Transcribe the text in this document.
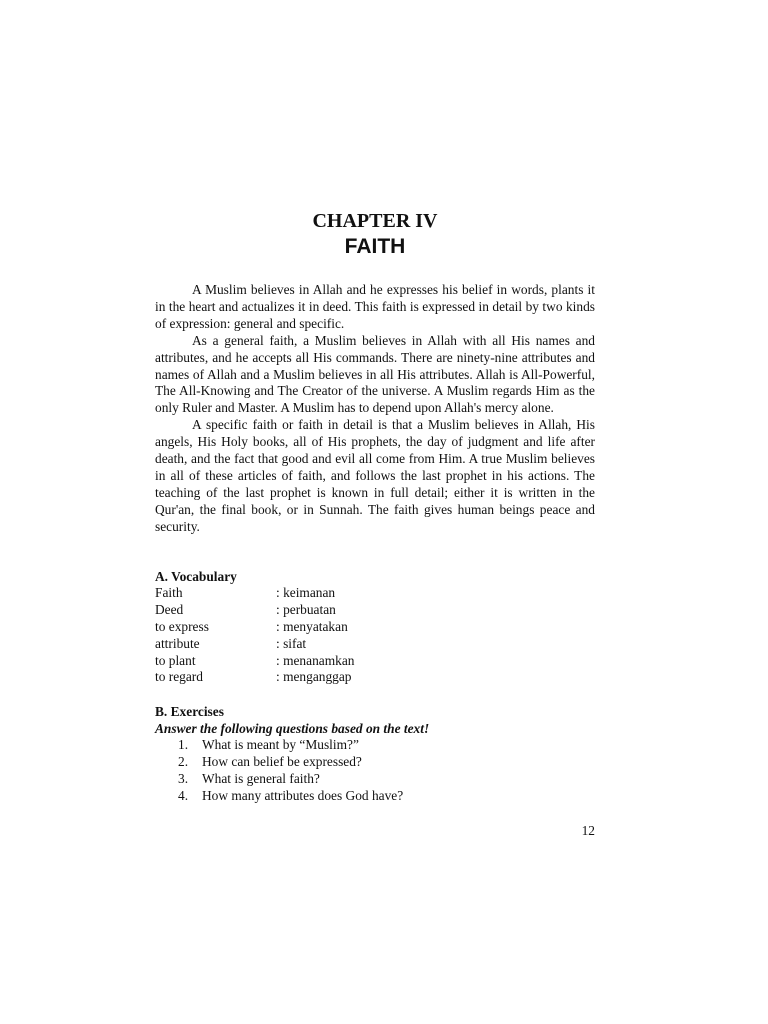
CHAPTER IV
FAITH

A Muslim believes in Allah and he expresses his belief in words, plants it in the heart and actualizes it in deed. This faith is expressed in detail by two kinds of expression: general and specific.

As a general faith, a Muslim believes in Allah with all His names and attributes, and he accepts all His commands. There are ninety-nine attributes and names of Allah and a Muslim believes in all His attributes. Allah is All-Powerful, The All-Knowing and The Creator of the universe. A Muslim regards Him as the only Ruler and Master. A Muslim has to depend upon Allah's mercy alone.

A specific faith or faith in detail is that a Muslim believes in Allah, His angels, His Holy books, all of His prophets, the day of judgment and life after death, and the fact that good and evil all come from Him. A true Muslim believes in all of these articles of faith, and follows the last prophet in his actions. The teaching of the last prophet is known in full detail; either it is written in the Qur'an, the final book, or in Sunnah. The faith gives human beings peace and security.

A. Vocabulary
Faith	: keimanan
Deed	: perbuatan
to express	: menyatakan
attribute	: sifat
to plant	: menanamkan
to regard	: menganggap
B. Exercises
Answer the following questions based on the text!
1. What is meant by “Muslim?”
2. How can belief be expressed?
3. What is general faith?
4. How many attributes does God have?
12
